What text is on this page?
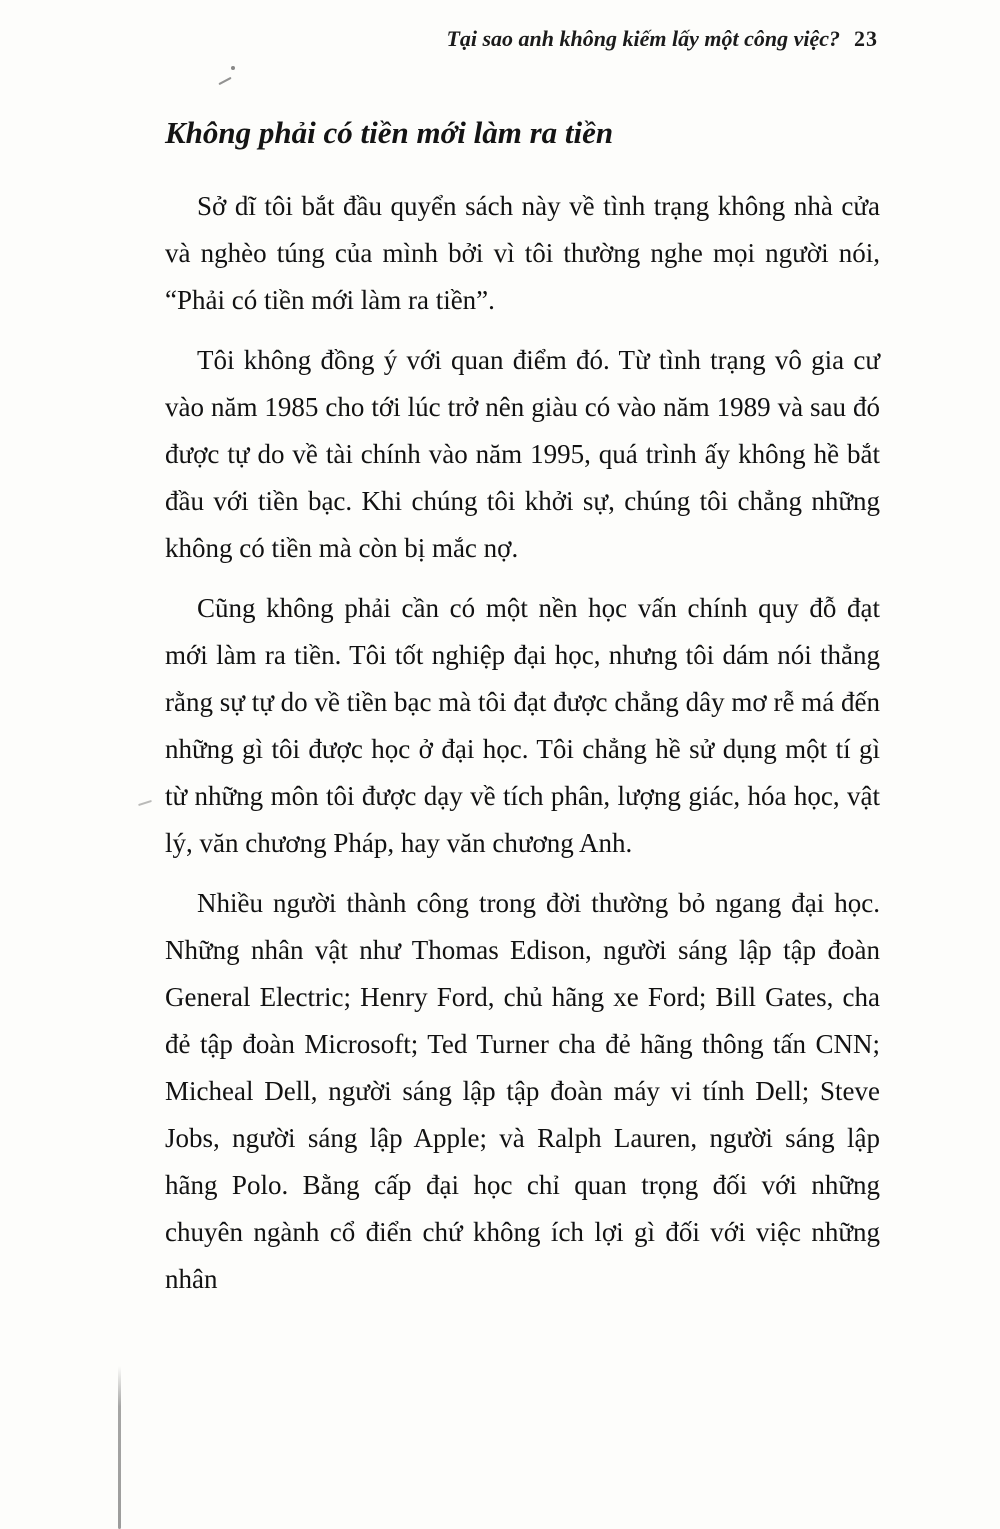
Tại sao anh không kiếm lấy một công việc? 23
Không phải có tiền mới làm ra tiền

Sở dĩ tôi bắt đầu quyển sách này về tình trạng không nhà cửa và nghèo túng của mình bởi vì tôi thường nghe mọi người nói, “Phải có tiền mới làm ra tiền”.

Tôi không đồng ý với quan điểm đó. Từ tình trạng vô gia cư vào năm 1985 cho tới lúc trở nên giàu có vào năm 1989 và sau đó được tự do về tài chính vào năm 1995, quá trình ấy không hề bắt đầu với tiền bạc. Khi chúng tôi khởi sự, chúng tôi chẳng những không có tiền mà còn bị mắc nợ.

Cũng không phải cần có một nền học vấn chính quy đỗ đạt mới làm ra tiền. Tôi tốt nghiệp đại học, nhưng tôi dám nói thẳng rằng sự tự do về tiền bạc mà tôi đạt được chẳng dây mơ rễ má đến những gì tôi được học ở đại học. Tôi chẳng hề sử dụng một tí gì từ những môn tôi được dạy về tích phân, lượng giác, hóa học, vật lý, văn chương Pháp, hay văn chương Anh.

Nhiều người thành công trong đời thường bỏ ngang đại học. Những nhân vật như Thomas Edison, người sáng lập tập đoàn General Electric; Henry Ford, chủ hãng xe Ford; Bill Gates, cha đẻ tập đoàn Microsoft; Ted Turner cha đẻ hãng thông tấn CNN; Micheal Dell, người sáng lập tập đoàn máy vi tính Dell; Steve Jobs, người sáng lập Apple; và Ralph Lauren, người sáng lập hãng Polo. Bằng cấp đại học chỉ quan trọng đối với những chuyên ngành cổ điển chứ không ích lợi gì đối với việc những nhân
